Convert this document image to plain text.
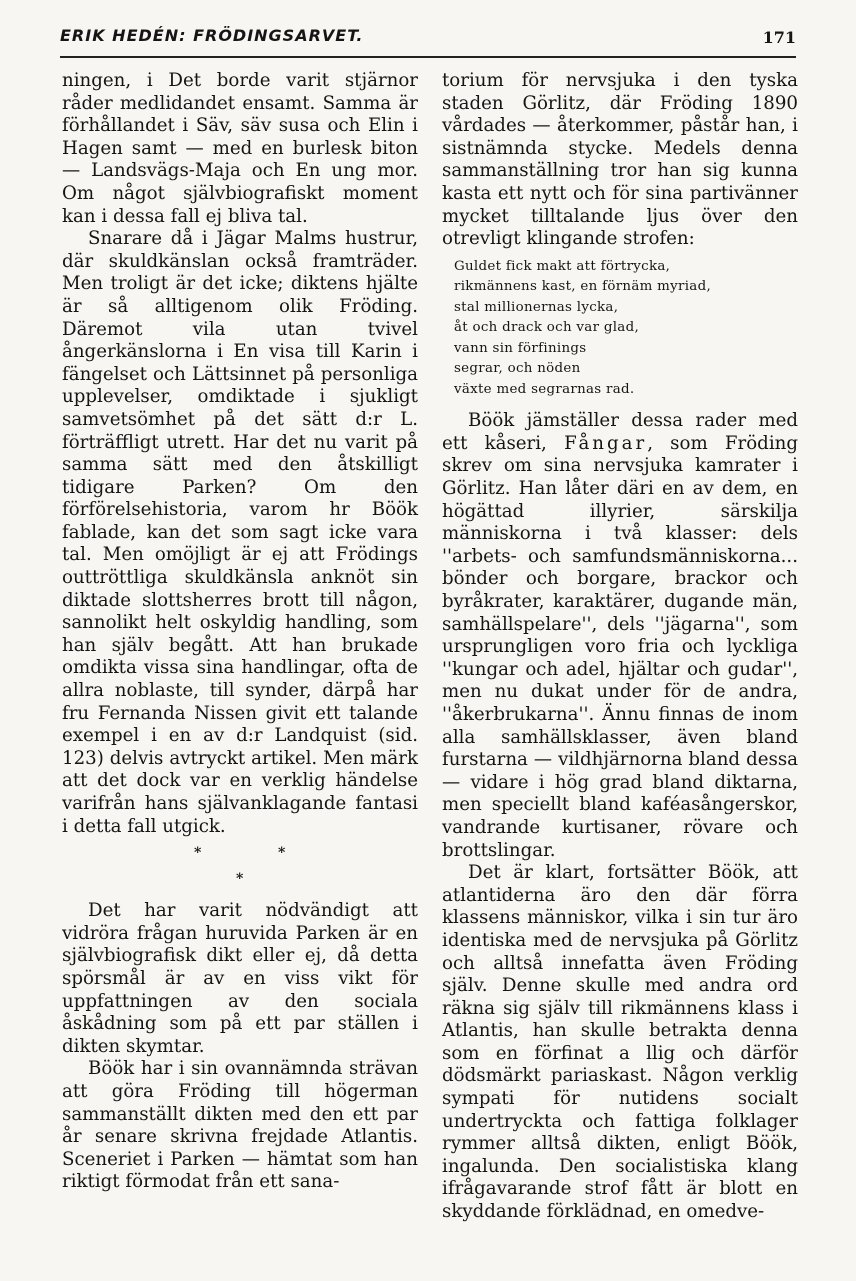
ERIK HEDÉN: FRÖDINGSARVET.	171

ningen, i Det borde varit stjärnor råder medlidandet ensamt. Samma är förhållandet i Säv, säv susa och Elin i Hagen samt — med en burlesk biton — Landsvägs-Maja och En ung mor. Om något självbiografiskt moment kan i dessa fall ej bliva tal.

Snarare då i Jägar Malms hustrur, där skuldkänslan också framträder. Men troligt är det icke; diktens hjälte är så alltigenom olik Fröding. Däremot vila utan tvivel ångerkänslorna i En visa till Karin i fängelset och Lättsinnet på personliga upplevelser, omdiktade i sjukligt samvetsömhet på det sätt d:r L. förträffligt utrett. Har det nu varit på samma sätt med den åtskilligt tidigare Parken? Om den förförelsehistoria, varom hr Böök fablade, kan det som sagt icke vara tal. Men omöjligt är ej att Frödings outtröttliga skuldkänsla anknöt sin diktade slottsherres brott till någon, sannolikt helt oskyldig handling, som han själv begått. Att han brukade omdikta vissa sina handlingar, ofta de allra noblaste, till synder, därpå har fru Fernanda Nissen givit ett talande exempel i en av d:r Landquist (sid. 123) delvis avtryckt artikel. Men märk att det dock var en verklig händelse varifrån hans självanklagande fantasi i detta fall utgick.

*	*
*

Det har varit nödvändigt att vidröra frågan huruvida Parken är en självbiografisk dikt eller ej, då detta spörsmål är av en viss vikt för uppfattningen av den sociala åskådning som på ett par ställen i dikten skymtar.

Böök har i sin ovannämnda strävan att göra Fröding till högerman sammanställt dikten med den ett par år senare skrivna frejdade Atlantis. Sceneriet i Parken — hämtat som han riktigt förmodat från ett sana-

torium för nervsjuka i den tyska staden Görlitz, där Fröding 1890 vårdades — återkommer, påstår han, i sistnämnda stycke. Medels denna sammanställning tror han sig kunna kasta ett nytt och för sina partivänner mycket tilltalande ljus över den otrevligt klingande strofen:

Guldet fick makt att förtrycka,
rikmännens kast, en förnäm myriad,
stal millionernas lycka,
åt och drack och var glad,
vann sin förfinings
segrar, och nöden
växte med segrarnas rad.

Böök jämställer dessa rader med ett kåseri, Fångar, som Fröding skrev om sina nervsjuka kamrater i Görlitz. Han låter däri en av dem, en högättad illyrier, särskilja människorna i två klasser: dels ''arbets- och samfundsmänniskorna... bönder och borgare, brackor och byråkrater, karaktärer, dugande män, samhällspelare'', dels ''jägarna'', som ursprungligen voro fria och lyckliga ''kungar och adel, hjältar och gudar'', men nu dukat under för de andra, ''åkerbrukarna''. Ännu finnas de inom alla samhällsklasser, även bland furstarna — vildhjärnorna bland dessa — vidare i hög grad bland diktarna, men speciellt bland kaféasångerskor, vandrande kurtisaner, rövare och brottslingar.

Det är klart, fortsätter Böök, att atlantiderna äro den där förra klassens människor, vilka i sin tur äro identiska med de nervsjuka på Görlitz och alltså innefatta även Fröding själv. Denne skulle med andra ord räkna sig själv till rikmännens klass i Atlantis, han skulle betrakta denna som en förfinat a llig och därför dödsmärkt pariaskast. Någon verklig sympati för nutidens socialt undertryckta och fattiga folklager rymmer alltså dikten, enligt Böök, ingalunda. Den socialistiska klang ifrågavarande strof fått är blott en skyddande förklädnad, en omedve-
